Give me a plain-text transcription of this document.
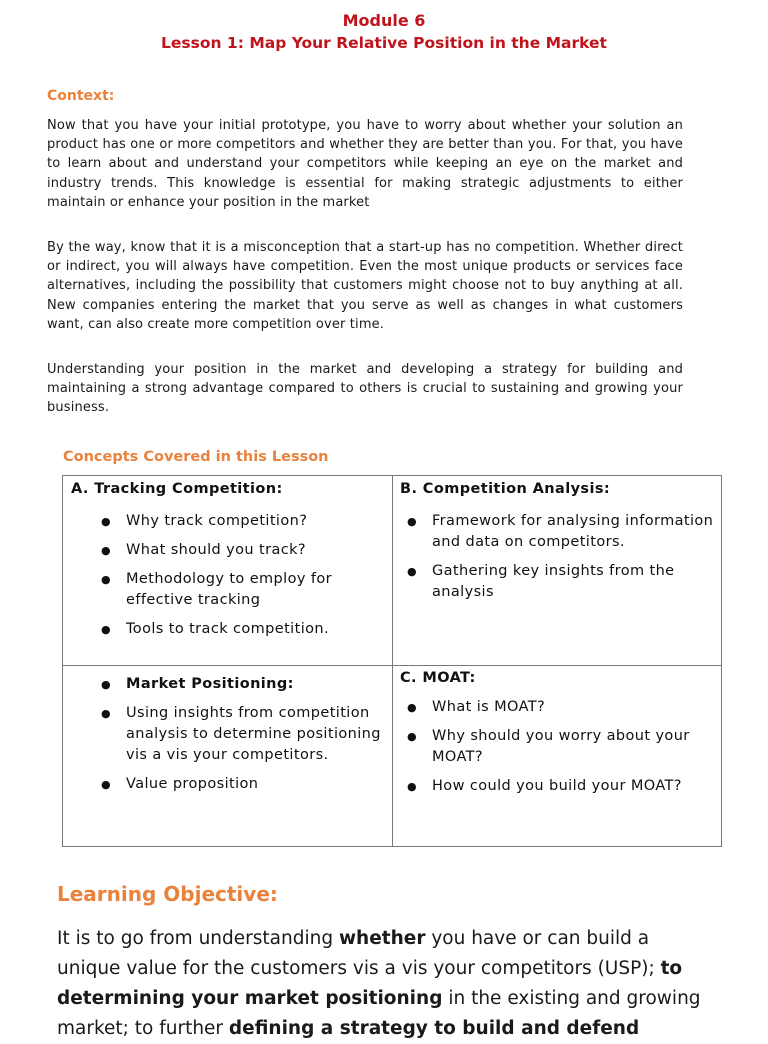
Module 6
Lesson 1: Map Your Relative Position in the Market
Context:
Now that you have your initial prototype, you have to worry about whether your solution an product has one or more competitors and whether they are better than you. For that, you have to learn about and understand your competitors while keeping an eye on the market and industry trends. This knowledge is essential for making strategic adjustments to either maintain or enhance your position in the market
By the way, know that it is a misconception that a start-up has no competition. Whether direct or indirect, you will always have competition. Even the most unique products or services face alternatives, including the possibility that customers might choose not to buy anything at all. New companies entering the market that you serve as well as changes in what customers want, can also create more competition over time.
Understanding your position in the market and developing a strategy for building and maintaining a strong advantage compared to others is crucial to sustaining and growing your business.
Concepts Covered in this Lesson
A. Tracking Competition:
● Why track competition?
● What should you track?
● Methodology to employ for effective tracking
● Tools to track competition.
B. Competition Analysis:
● Framework for analysing information and data on competitors.
● Gathering key insights from the analysis
● Market Positioning:
● Using insights from competition analysis to determine positioning vis a vis your competitors.
● Value proposition
C. MOAT:
● What is MOAT?
● Why should you worry about your MOAT?
● How could you build your MOAT?
Learning Objective:
It is to go from understanding whether you have or can build a unique value for the customers vis a vis your competitors (USP); to determining your market positioning in the existing and growing market; to further defining a strategy to build and defend
